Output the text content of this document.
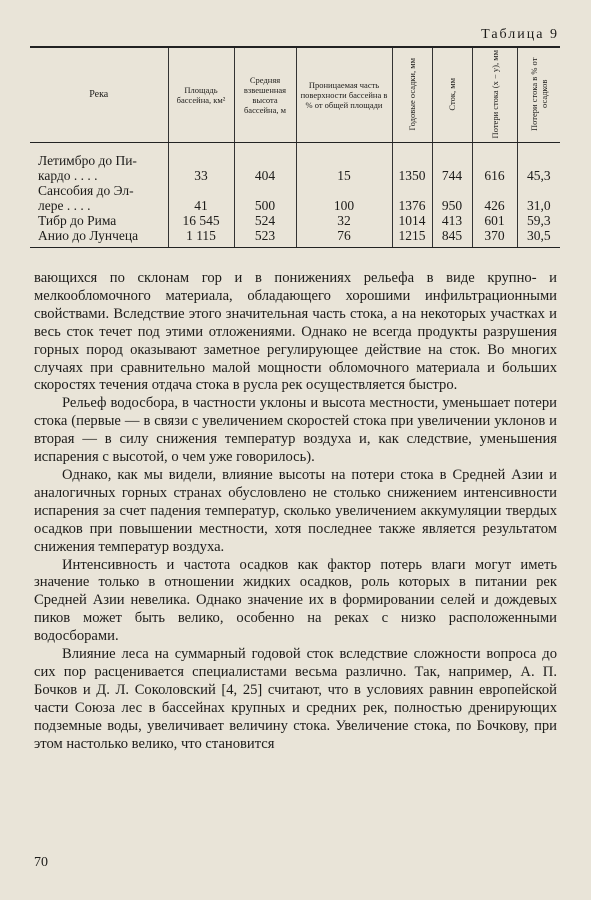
Таблица 9
Река	Площадь бассейна, км²	Средняя взвешенная высота бассейна, м	Проницаемая часть поверхности бассейна в % от общей площади	Годовые осадки, мм	Сток, мм	Потери стока (x − y), мм	Потери стока в % от осадков
Летимбро до Пи-
кардо . . . .	33	404	15	1350	744	616	45,3
Сансобия до Эл-
лере . . . .	41	500	100	1376	950	426	31,0
Тибр до Рима	16 545	524	32	1014	413	601	59,3
Анио до Лунчеца	1 115	523	76	1215	845	370	30,5

вающихся по склонам гор и в понижениях рельефа в виде крупно- и мелкообломочного материала, обладающего хорошими инфильтрационными свойствами. Вследствие этого значительная часть стока, а на некоторых участках и весь сток течет под этими отложениями. Однако не всегда продукты разрушения горных пород оказывают заметное регулирующее действие на сток. Во многих случаях при сравнительно малой мощности обломочного материала и больших скоростях течения отдача стока в русла рек осуществляется быстро.

Рельеф водосбора, в частности уклоны и высота местности, уменьшает потери стока (первые — в связи с увеличением скоростей стока при увеличении уклонов и вторая — в силу снижения температур воздуха и, как следствие, уменьшения испарения с высотой, о чем уже говорилось).

Однако, как мы видели, влияние высоты на потери стока в Средней Азии и аналогичных горных странах обусловлено не столько снижением интенсивности испарения за счет падения температур, сколько увеличением аккумуляции твердых осадков при повышении местности, хотя последнее также является результатом снижения температур воздуха.

Интенсивность и частота осадков как фактор потерь влаги могут иметь значение только в отношении жидких осадков, роль которых в питании рек Средней Азии невелика. Однако значение их в формировании селей и дождевых пиков может быть велико, особенно на реках с низко расположенными водосборами.

Влияние леса на суммарный годовой сток вследствие сложности вопроса до сих пор расценивается специалистами весьма различно. Так, например, А. П. Бочков и Д. Л. Соколовский [4, 25] считают, что в условиях равнин европейской части Союза лес в бассейнах крупных и средних рек, полностью дренирующих подземные воды, увеличивает величину стока. Увеличение стока, по Бочкову, при этом настолько велико, что становится

70
